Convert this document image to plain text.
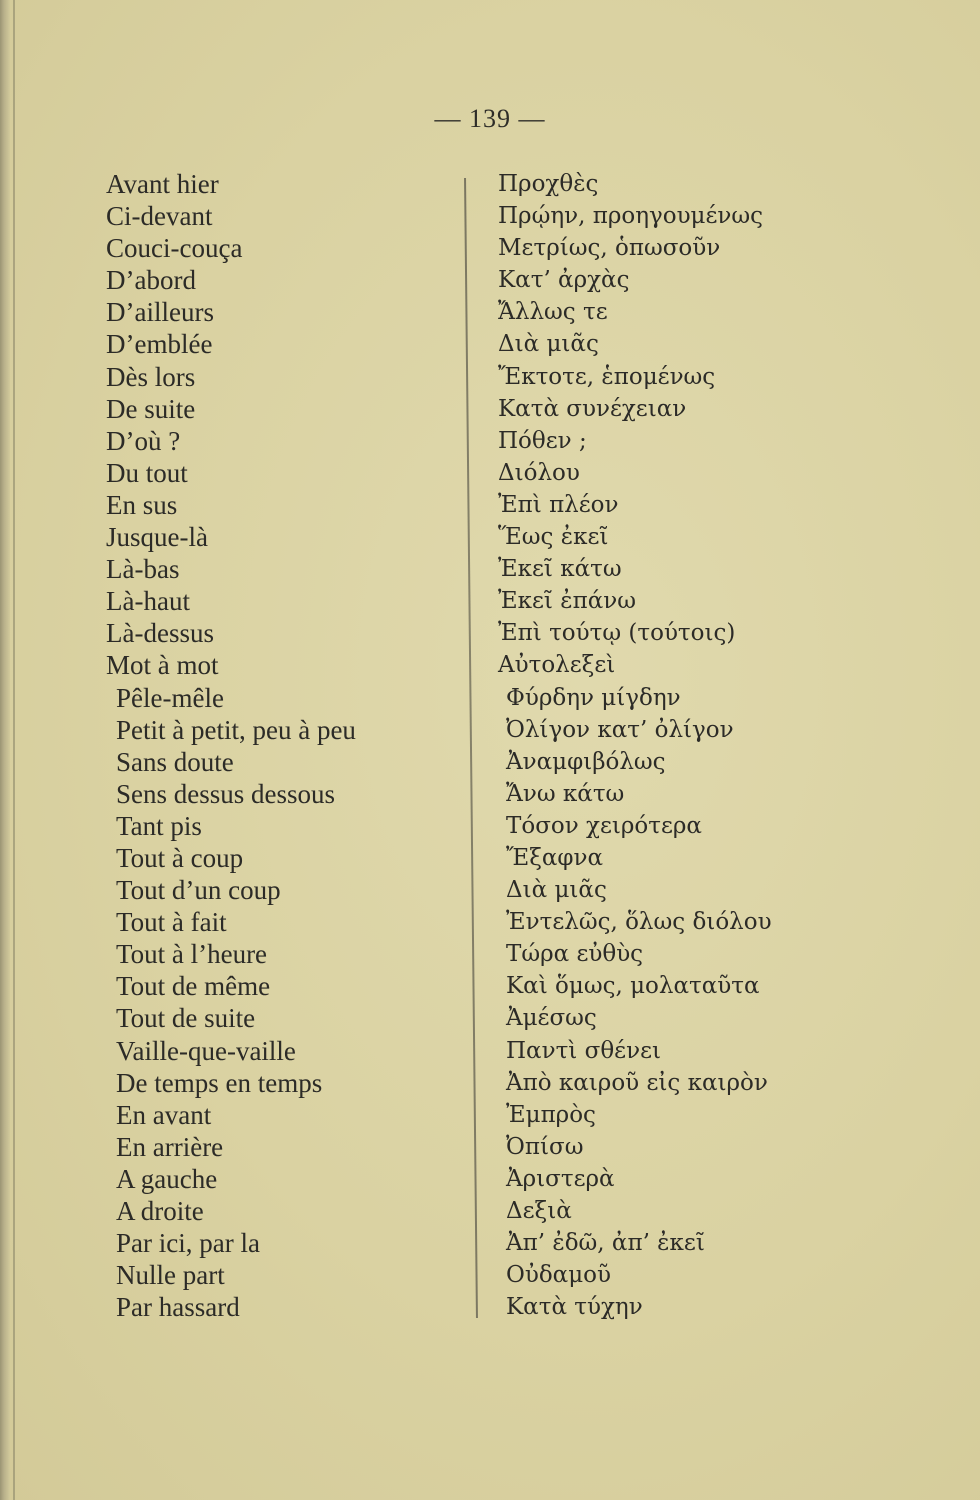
— 139 —
Avant hier
Ci-devant
Couci-couça
D’abord
D’ailleurs
D’emblée
Dès lors
De suite
D’où ?
Du tout
En sus
Jusque-là
Là-bas
Là-haut
Là-dessus
Mot à mot
Pêle-mêle
Petit à petit, peu à peu
Sans doute
Sens dessus dessous
Tant pis
Tout à coup
Tout d’un coup
Tout à fait
Tout à l’heure
Tout de même
Tout de suite
Vaille-que-vaille
De temps en temps
En avant
En arrière
A gauche
A droite
Par ici, par la
Nulle part
Par hassard
Προχθὲς
Πρῴην, προηγουμένως
Μετρίως, ὁπωσοῦν
Κατ’ ἀρχὰς
Ἄλλως τε
Διὰ μιᾶς
Ἔκτοτε, ἑπομένως
Κατὰ συνέχειαν
Πόθεν ;
Διόλου
Ἐπὶ πλέον
Ἕως ἐκεῖ
Ἐκεῖ κάτω
Ἐκεῖ ἐπάνω
Ἐπὶ τούτῳ (τούτοις)
Αὐτολεξεὶ
Φύρδην μίγδην
Ὀλίγον κατ’ ὀλίγον
Ἀναμφιβόλως
Ἄνω κάτω
Τόσον χειρότερα
Ἔξαφνα
Διὰ μιᾶς
Ἐντελῶς, ὅλως διόλου
Τώρα εὐθὺς
Καὶ ὅμως, μολαταῦτα
Ἀμέσως
Παντὶ σθένει
Ἀπὸ καιροῦ εἰς καιρὸν
Ἐμπρὸς
Ὀπίσω
Ἀριστερὰ
Δεξιὰ
Ἀπ’ ἐδῶ, ἀπ’ ἐκεῖ
Οὐδαμοῦ
Κατὰ τύχην
